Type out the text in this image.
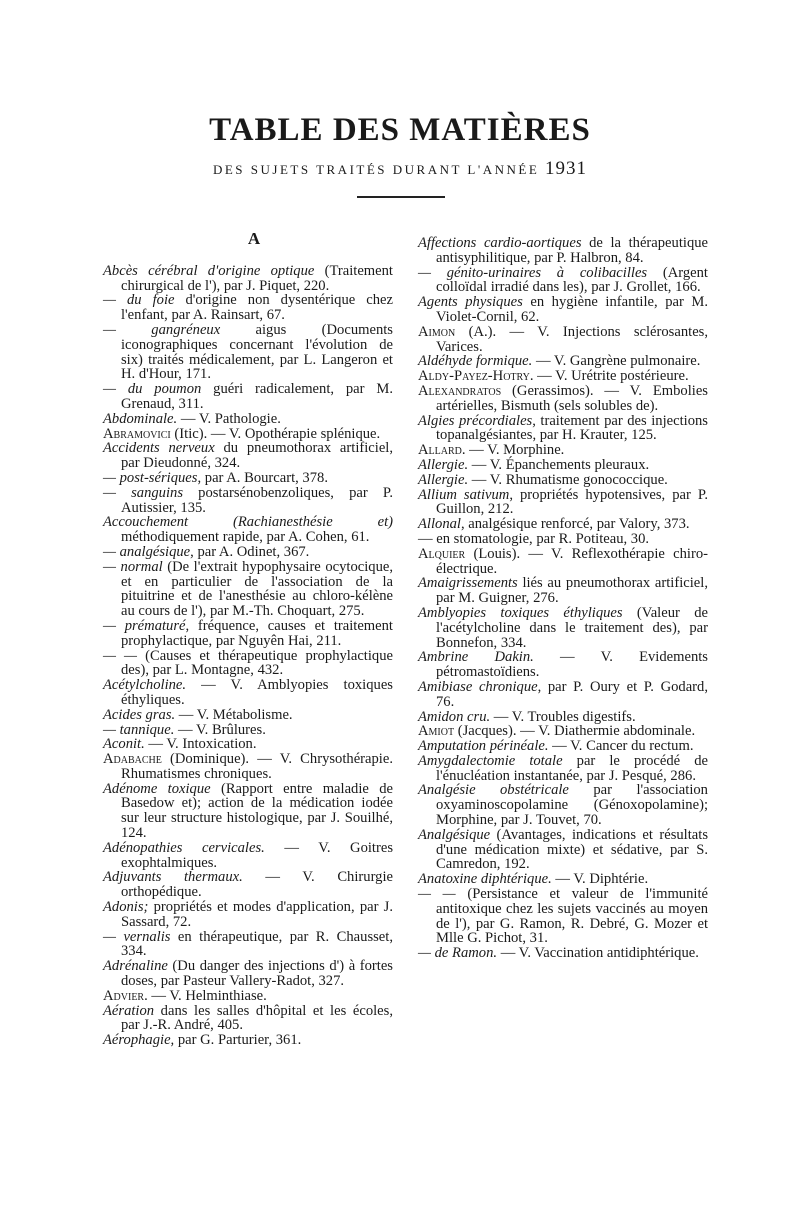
TABLE DES MATIÈRES
DES SUJETS TRAITÉS DURANT L'ANNÉE 1931
A

Abcès cérébral d'origine optique (Traitement chirurgical de l'), par J. Piquet, 220.

— du foie d'origine non dysentérique chez l'enfant, par A. Rainsart, 67.

— gangréneux aigus (Documents iconographiques concernant l'évolution de six) traités médicalement, par L. Langeron et H. d'Hour, 171.

— du poumon guéri radicalement, par M. Grenaud, 311.

Abdominale. — V. Pathologie.

Abramovici (Itic). — V. Opothérapie splénique.

Accidents nerveux du pneumothorax artificiel, par Dieudonné, 324.

— post-sériques, par A. Bourcart, 378.

— sanguins postarsénobenzoliques, par P. Autissier, 135.

Accouchement (Rachianesthésie et) méthodiquement rapide, par A. Cohen, 61.

— analgésique, par A. Odinet, 367.

— normal (De l'extrait hypophysaire ocytocique, et en particulier de l'association de la pituitrine et de l'anesthésie au chloro-kélène au cours de l'), par M.-Th. Choquart, 275.

— prématuré, fréquence, causes et traitement prophylactique, par Nguyên Hai, 211.

— — (Causes et thérapeutique prophylactique des), par L. Montagne, 432.

Acétylcholine. — V. Amblyopies toxiques éthyliques.

Acides gras. — V. Métabolisme.

— tannique. — V. Brûlures.

Aconit. — V. Intoxication.

Adabache (Dominique). — V. Chrysothérapie. Rhumatismes chroniques.

Adénome toxique (Rapport entre maladie de Basedow et); action de la médication iodée sur leur structure histologique, par J. Souilhé, 124.

Adénopathies cervicales. — V. Goitres exophtalmiques.

Adjuvants thermaux. — V. Chirurgie orthopédique.

Adonis; propriétés et modes d'application, par J. Sassard, 72.

— vernalis en thérapeutique, par R. Chausset, 334.

Adrénaline (Du danger des injections d') à fortes doses, par Pasteur Vallery-Radot, 327.

Advier. — V. Helminthiase.

Aération dans les salles d'hôpital et les écoles, par J.-R. André, 405.

Aérophagie, par G. Parturier, 361.

Affections cardio-aortiques de la thérapeutique antisyphilitique, par P. Halbron, 84.

— génito-urinaires à colibacilles (Argent colloïdal irradié dans les), par J. Grollet, 166.

Agents physiques en hygiène infantile, par M. Violet-Cornil, 62.

Aimon (A.). — V. Injections sclérosantes, Varices.

Aldéhyde formique. — V. Gangrène pulmonaire.

Aldy-Payez-Hotry. — V. Urétrite postérieure.

Alexandratos (Gerassimos). — V. Embolies artérielles, Bismuth (sels solubles de).

Algies précordiales, traitement par des injections topanalgésiantes, par H. Krauter, 125.

Allard. — V. Morphine.

Allergie. — V. Épanchements pleuraux.

Allergie. — V. Rhumatisme gonococcique.

Allium sativum, propriétés hypotensives, par P. Guillon, 212.

Allonal, analgésique renforcé, par Valory, 373.

— en stomatologie, par R. Potiteau, 30.

Alquier (Louis). — V. Reflexothérapie chiro-électrique.

Amaigrissements liés au pneumothorax artificiel, par M. Guigner, 276.

Amblyopies toxiques éthyliques (Valeur de l'acétylcholine dans le traitement des), par Bonnefon, 334.

Ambrine Dakin. — V. Evidements pétromastoïdiens.

Amibiase chronique, par P. Oury et P. Godard, 76.

Amidon cru. — V. Troubles digestifs.

Amiot (Jacques). — V. Diathermie abdominale.

Amputation périnéale. — V. Cancer du rectum.

Amygdalectomie totale par le procédé de l'énucléation instantanée, par J. Pesqué, 286.

Analgésie obstétricale par l'association oxyaminoscopolamine (Génoxopolamine); Morphine, par J. Touvet, 70.

Analgésique (Avantages, indications et résultats d'une médication mixte) et sédative, par S. Camredon, 192.

Anatoxine diphtérique. — V. Diphtérie.

— — (Persistance et valeur de l'immunité antitoxique chez les sujets vaccinés au moyen de l'), par G. Ramon, R. Debré, G. Mozer et Mlle G. Pichot, 31.

— de Ramon. — V. Vaccination antidiphtérique.
